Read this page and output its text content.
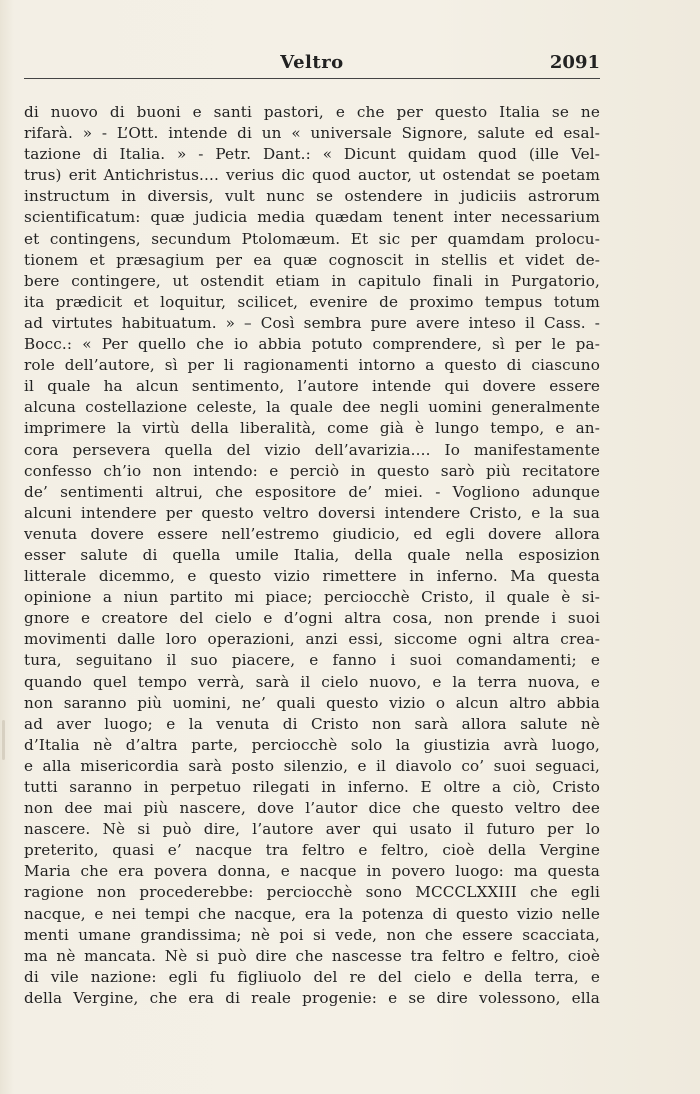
Veltro	2091
di nuovo di buoni e santi pastori, e che per questo Italia se ne
rifarà. » - L’Ott. intende di un « universale Signore, salute ed esal-
tazione di Italia. » - Petr. Dant.: « Dicunt quidam quod (ille Vel-
trus) erit Antichristus.... verius dic quod auctor, ut ostendat se poetam
instructum in diversis, vult nunc se ostendere in judiciis astrorum
scientificatum: quæ judicia media quædam tenent inter necessarium
et contingens, secundum Ptolomæum. Et sic per quamdam prolocu-
tionem et præsagium per ea quæ cognoscit in stellis et videt de-
bere contingere, ut ostendit etiam in capitulo finali in Purgatorio,
ita prædicit et loquitur, scilicet, evenire de proximo tempus totum
ad virtutes habituatum. » – Così sembra pure avere inteso il Cass. -
Bocc.: « Per quello che io abbia potuto comprendere, sì per le pa-
role dell’autore, sì per li ragionamenti intorno a questo di ciascuno
il quale ha alcun sentimento, l’autore intende qui dovere essere
alcuna costellazione celeste, la quale dee negli uomini generalmente
imprimere la virtù della liberalità, come già è lungo tempo, e an-
cora persevera quella del vizio dell’avarizia.... Io manifestamente
confesso ch’io non intendo: e perciò in questo sarò più recitatore
de’ sentimenti altrui, che espositore de’ miei. - Vogliono adunque
alcuni intendere per questo veltro doversi intendere Cristo, e la sua
venuta dovere essere nell’estremo giudicio, ed egli dovere allora
esser salute di quella umile Italia, della quale nella esposizion
litterale dicemmo, e questo vizio rimettere in inferno. Ma questa
opinione a niun partito mi piace; perciocchè Cristo, il quale è si-
gnore e creatore del cielo e d’ogni altra cosa, non prende i suoi
movimenti dalle loro operazioni, anzi essi, siccome ogni altra crea-
tura, seguitano il suo piacere, e fanno i suoi comandamenti; e
quando quel tempo verrà, sarà il cielo nuovo, e la terra nuova, e
non saranno più uomini, ne’ quali questo vizio o alcun altro abbia
ad aver luogo; e la venuta di Cristo non sarà allora salute nè
d’Italia nè d’altra parte, perciocchè solo la giustizia avrà luogo,
e alla misericordia sarà posto silenzio, e il diavolo co’ suoi seguaci,
tutti saranno in perpetuo rilegati in inferno. E oltre a ciò, Cristo
non dee mai più nascere, dove l’autor dice che questo veltro dee
nascere. Nè si può dire, l’autore aver qui usato il futuro per lo
preterito, quasi e’ nacque tra feltro e feltro, cioè della Vergine
Maria che era povera donna, e nacque in povero luogo: ma questa
ragione non procederebbe: perciocchè sono MCCCLXXIII che egli
nacque, e nei tempi che nacque, era la potenza di questo vizio nelle
menti umane grandissima; nè poi si vede, non che essere scacciata,
ma nè mancata. Nè si può dire che nascesse tra feltro e feltro, cioè
di vile nazione: egli fu figliuolo del re del cielo e della terra, e
della Vergine, che era di reale progenie: e se dire volessono, ella
